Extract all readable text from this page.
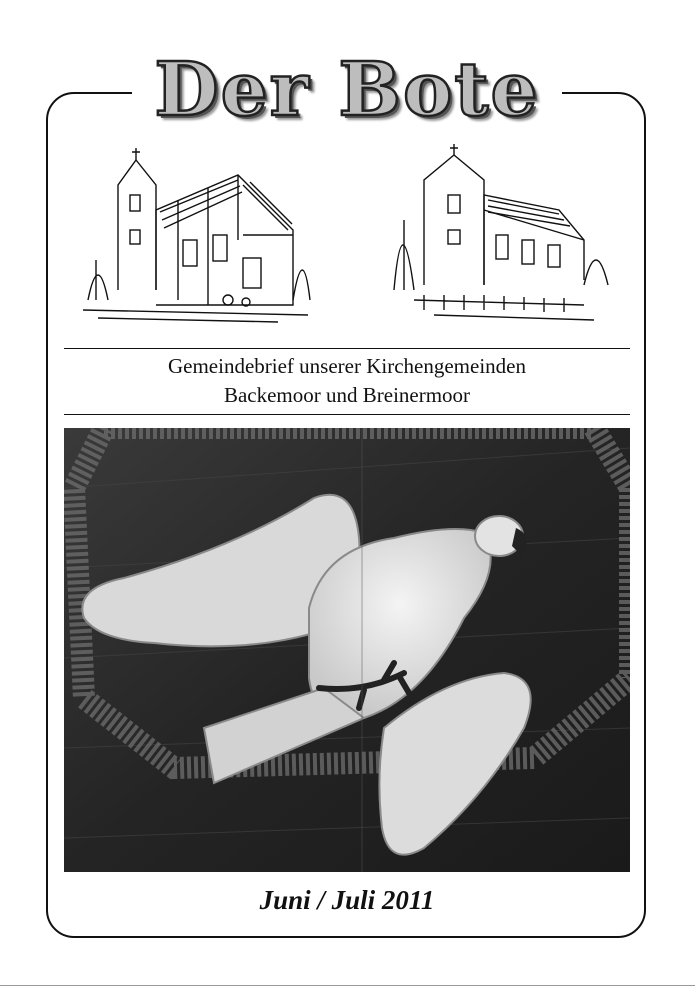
Der Bote
Gemeindebrief unserer Kirchengemeinden
Backemoor und Breinermoor
Juni / Juli 2011
